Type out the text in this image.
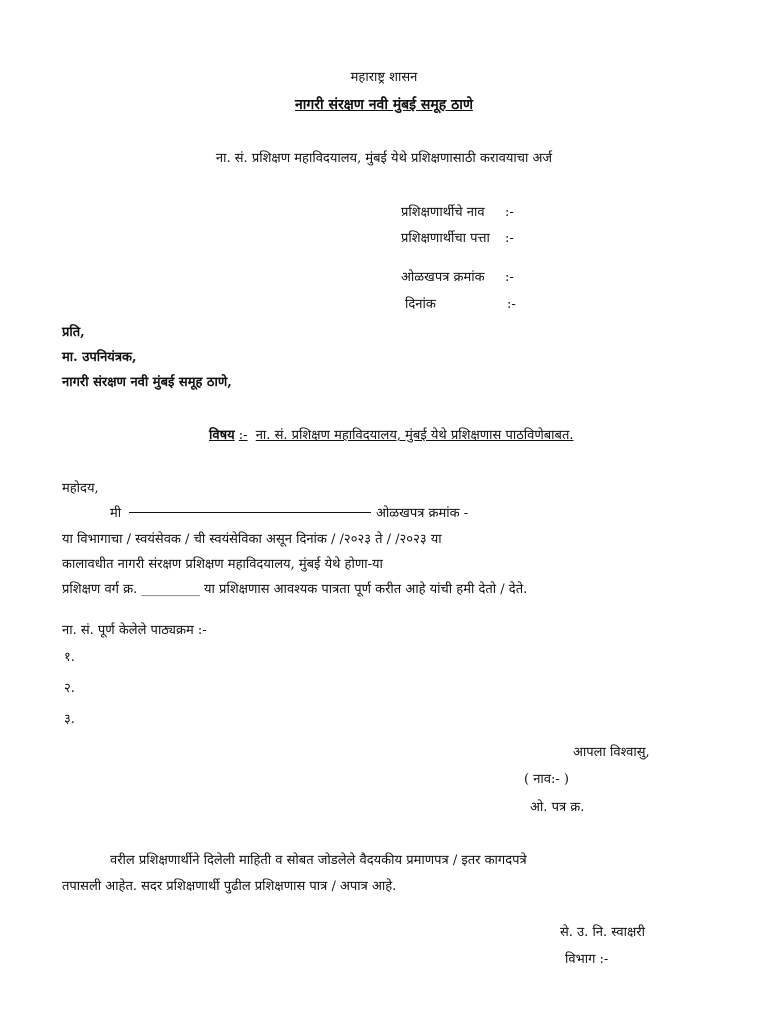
महाराष्ट्र शासन
नागरी संरक्षण नवी मुंबई समूह ठाणे
ना. सं. प्रशिक्षण महाविदयालय, मुंबई येथे प्रशिक्षणासाठी करावयाचा अर्ज
प्रशिक्षणार्थीचे नाव :-
प्रशिक्षणार्थीचा पत्ता :-
ओळखपत्र क्रमांक :-
दिनांक	:-
प्रति,
मा. उपनियंत्रक,
नागरी संरक्षण नवी मुंबई समूह ठाणे,
विषय :- ना. सं. प्रशिक्षण महाविदयालय, मुंबई येथे प्रशिक्षणास पाठविणेबाबत.
महोदय,
मी	ओळखपत्र क्रमांक -
या विभागाचा / स्वयंसेवक / ची स्वयंसेविका असून दिनांक / /२०२३ ते / /२०२३ या
कालावधीत नागरी संरक्षण प्रशिक्षण महाविदयालय, मुंबई येथे होणा-या
प्रशिक्षण वर्ग क्र. _________ या प्रशिक्षणास आवश्यक पात्रता पूर्ण करीत आहे यांची हमी देतो / देते.
ना. सं. पूर्ण केलेले पाठ्यक्रम :-
१.
२.
३.
आपला विश्वासु,
( नाव:- )
ओ. पत्र क्र.
वरील प्रशिक्षणार्थीने दिलेली माहिती व सोबत जोडलेले वैदयकीय प्रमाणपत्र / इतर कागदपत्रे
तपासली आहेत. सदर प्रशिक्षणार्थी पुढील प्रशिक्षणास पात्र / अपात्र आहे.
से. उ. नि. स्वाक्षरी
विभाग :-
